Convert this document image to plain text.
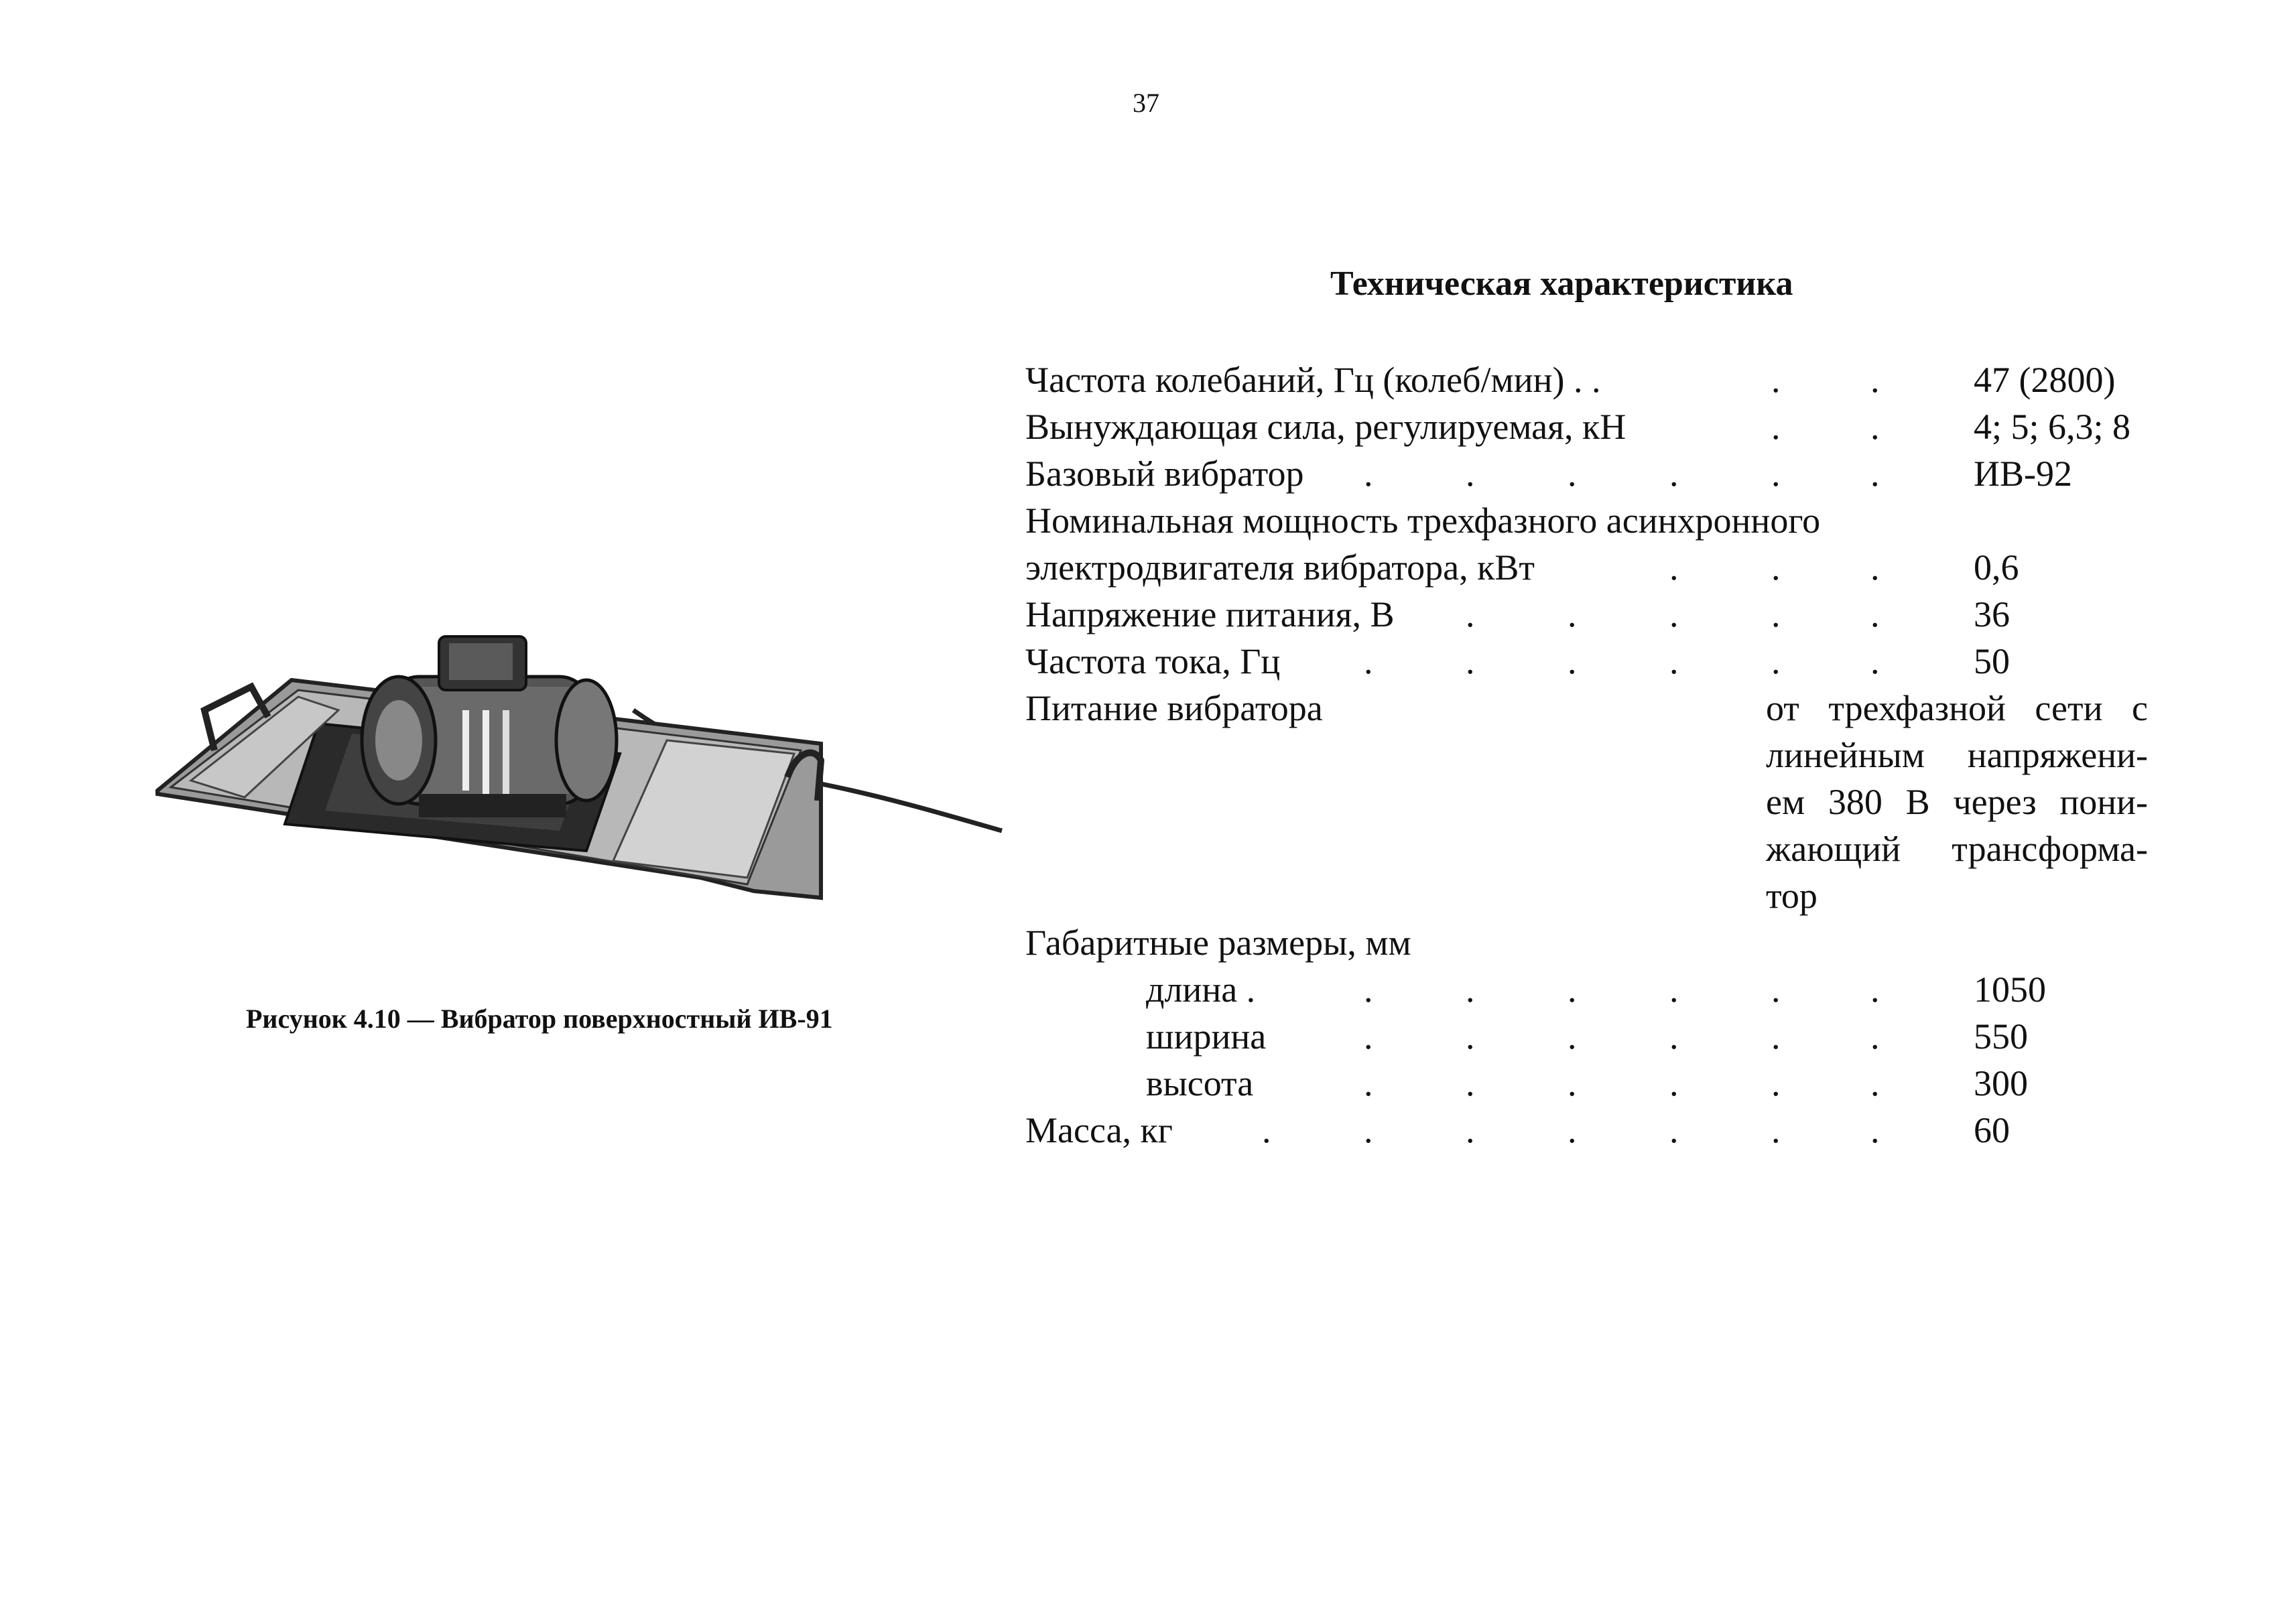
37
Рисунок 4.10 — Вибратор поверхностный ИВ-91
Техническая характеристика
Частота колебаний, Гц (колеб/мин) . .	. .	47 (2800)
Вынуждающая сила, регулируемая, кН	. .	4; 5; 6,3; 8
Базовый вибратор .	.	.	.	. .	ИВ-92
Номинальная мощность трехфазного асинхронного
электродвигателя вибратора, кВт	.	. .	0,6
Напряжение питания, В .	.	.	. .	36
Частота тока, Гц .	.	.	.	. .	50
Питание вибратора	от трехфазной сети с
линейным напряжени-
ем 380 В через пони-
жающий трансформа-
тор
Габаритные размеры, мм
длина .	.	.	.	.	. .	1050
ширина	.	.	.	.	. .	550
высота	.	.	.	.	. .	300
Масса, кг .	.	.	.	.	. .	60
